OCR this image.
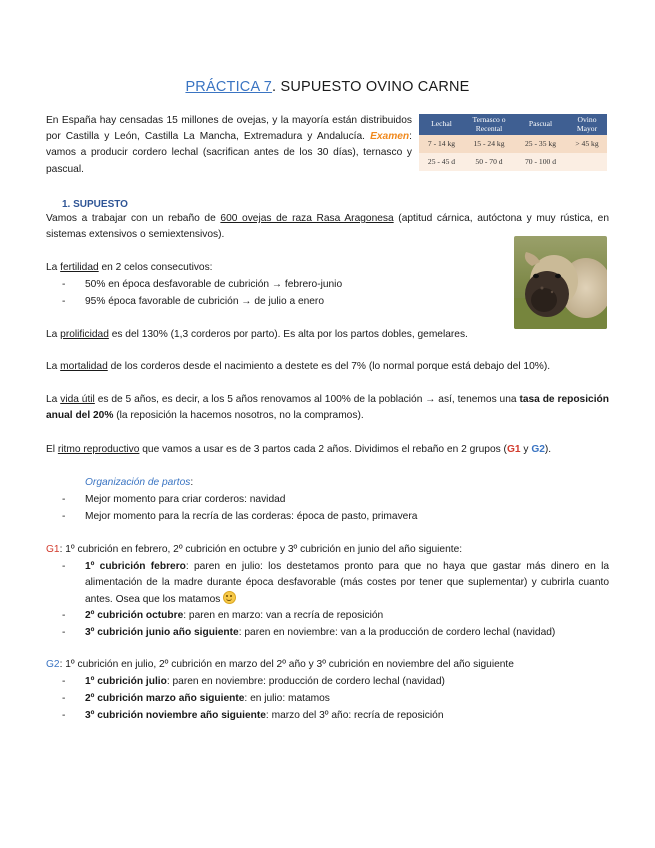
PRÁCTICA 7. SUPUESTO OVINO CARNE
En España hay censadas 15 millones de ovejas, y la mayoría están distribuidos por Castilla y León, Castilla La Mancha, Extremadura y Andalucía. Examen: vamos a producir cordero lechal (sacrifican antes de los 30 días), ternasco y pascual.
Lechal	Ternasco o Recental	Pascual	Ovino Mayor
7 - 14 kg	15 - 24 kg	25 - 35 kg	> 45 kg
25 - 45 d	50 - 70 d	70 - 100 d	
1. SUPUESTO
Vamos a trabajar con un rebaño de 600 ovejas de raza Rasa Aragonesa (aptitud cárnica, autóctona y muy rústica, en sistemas extensivos o semiextensivos).
La fertilidad en 2 celos consecutivos:
- 50% en época desfavorable de cubrición → febrero-junio
- 95% época favorable de cubrición → de julio a enero
La prolificidad es del 130% (1,3 corderos por parto). Es alta por los partos dobles, gemelares.
La mortalidad de los corderos desde el nacimiento a destete es del 7% (lo normal porque está debajo del 10%).
La vida útil es de 5 años, es decir, a los 5 años renovamos al 100% de la población → así, tenemos una tasa de reposición anual del 20% (la reposición la hacemos nosotros, no la compramos).
El ritmo reproductivo que vamos a usar es de 3 partos cada 2 años. Dividimos el rebaño en 2 grupos (G1 y G2).
Organización de partos:
- Mejor momento para criar corderos: navidad
- Mejor momento para la recría de las corderas: época de pasto, primavera
G1: 1º cubrición en febrero, 2º cubrición en octubre y 3º cubrición en junio del año siguiente:
- 1º cubrición febrero: paren en julio: los destetamos pronto para que no haya que gastar más dinero en la alimentación de la madre durante época desfavorable (más costes por tener que suplementar) y cubrirla cuanto antes. Osea que los matamos
- 2º cubrición octubre: paren en marzo: van a recría de reposición
- 3º cubrición junio año siguiente: paren en noviembre: van a la producción de cordero lechal (navidad)
G2: 1º cubrición en julio, 2º cubrición en marzo del 2º año y 3º cubrición en noviembre del año siguiente
- 1º cubrición julio: paren en noviembre: producción de cordero lechal (navidad)
- 2º cubrición marzo año siguiente: en julio: matamos
- 3º cubrición noviembre año siguiente: marzo del 3º año: recría de reposición
